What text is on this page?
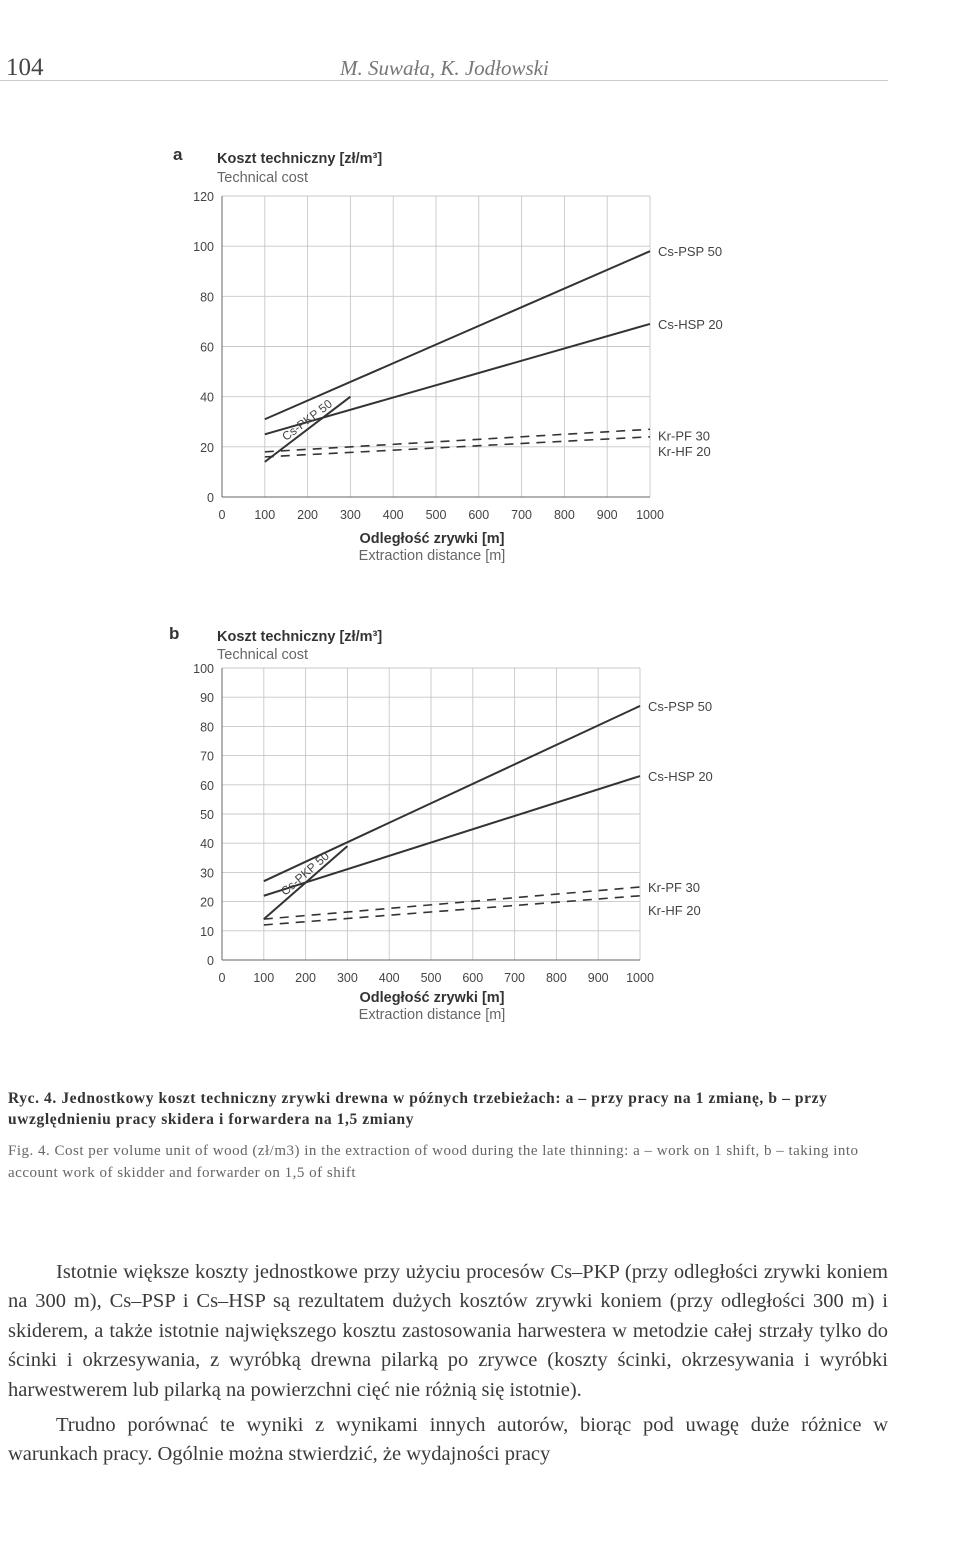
104	M. Suwała, K. Jodłowski
a Koszt techniczny [zł/m³]
Technical cost
Odległość zrywki [m]
Extraction distance [m]
0 100 200 300 400 500 600 700 800 900 1000
0
20
40
60
80
100
120
Cs-PSP 50
Cs-HSP 20
Cs-PKP 50	Kr-PF 30
Kr-HF 20
b	Koszt techniczny [zł/m³]
Technical cost
Odległość zrywki [m]
Extraction distance [m]
0 100 200 300 400 500 600 700 800 900 1000
0
10
20
30
40
50
60
70
80
90
100
Cs-PSP 50
Cs-HSP 20
Cs-PKP 50	Kr-PF 30
Kr-HF 20
Ryc. 4. Jednostkowy koszt techniczny zrywki drewna w późnych trzebieżach: a – przy pracy na 1 zmianę, b – przy uwzględnieniu pracy skidera i forwardera na 1,5 zmiany
Fig. 4. Cost per volume unit of wood (zł/m3) in the extraction of wood during the late thinning: a – work on 1 shift, b – taking into account work of skidder and forwarder on 1,5 of shift

Istotnie większe koszty jednostkowe przy użyciu procesów Cs–PKP (przy odległości zrywki koniem na 300 m), Cs–PSP i Cs–HSP są rezultatem dużych kosztów zrywki koniem (przy odległości 300 m) i skiderem, a także istotnie największego kosztu zastosowania harwestera w metodzie całej strzały tylko do ścinki i okrzesywania, z wyróbką drewna pilarką po zrywce (koszty ścinki, okrzesywania i wyróbki harwestwerem lub pilarką na powierzchni cięć nie różnią się istotnie).

Trudno porównać te wyniki z wynikami innych autorów, biorąc pod uwagę duże różnice w warunkach pracy. Ogólnie można stwierdzić, że wydajności pracy
